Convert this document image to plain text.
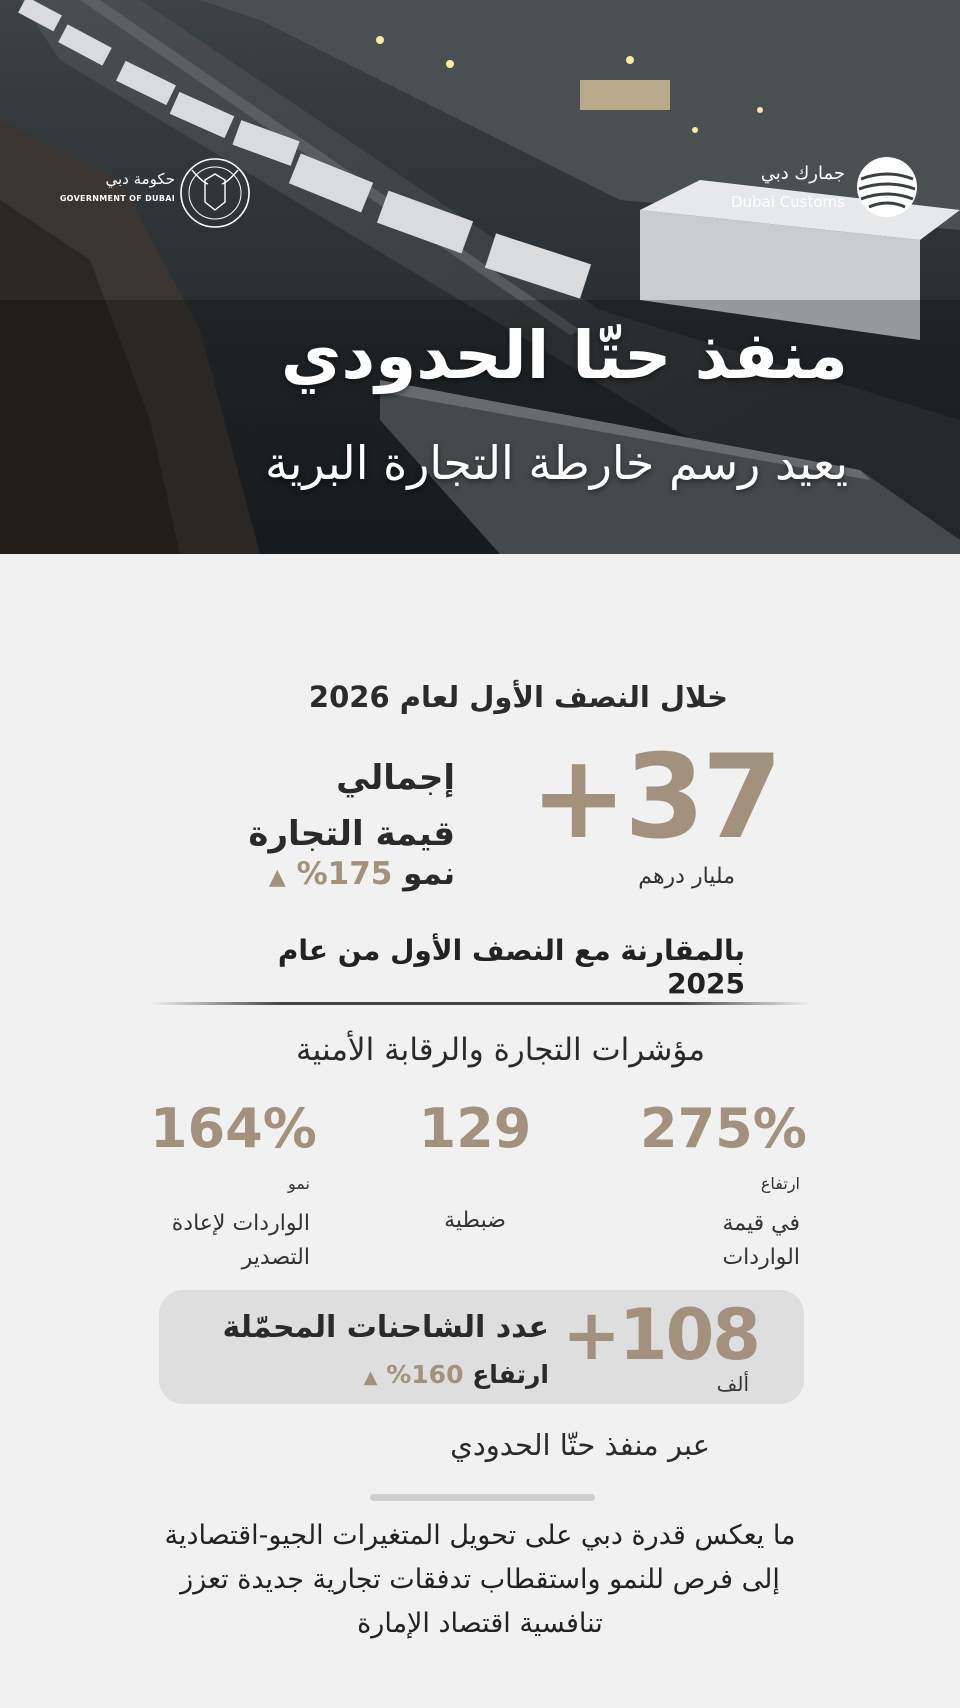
حكومة دبي
GOVERNMENT OF DUBAI
جمارك دبي
Dubai Customs
منفذ حتّا الحدودي
يعيد رسم خارطة التجارة البرية
خلال النصف الأول لعام 2026
+37
مليار درهم
إجمالي
قيمة التجارة
نمو 175% ▲
بالمقارنة مع النصف الأول من عام 2025
مؤشرات التجارة والرقابة الأمنية
275%
ارتفاع
في قيمة
الواردات
129
ضبطية
164%
نمو
الواردات لإعادة
التصدير
+108
ألف
عدد الشاحنات المحمّلة
ارتفاع 160% ▲
عبر منفذ حتّا الحدودي
ما يعكس قدرة دبي على تحويل المتغيرات الجيو-اقتصادية
إلى فرص للنمو واستقطاب تدفقات تجارية جديدة تعزز
تنافسية اقتصاد الإمارة
